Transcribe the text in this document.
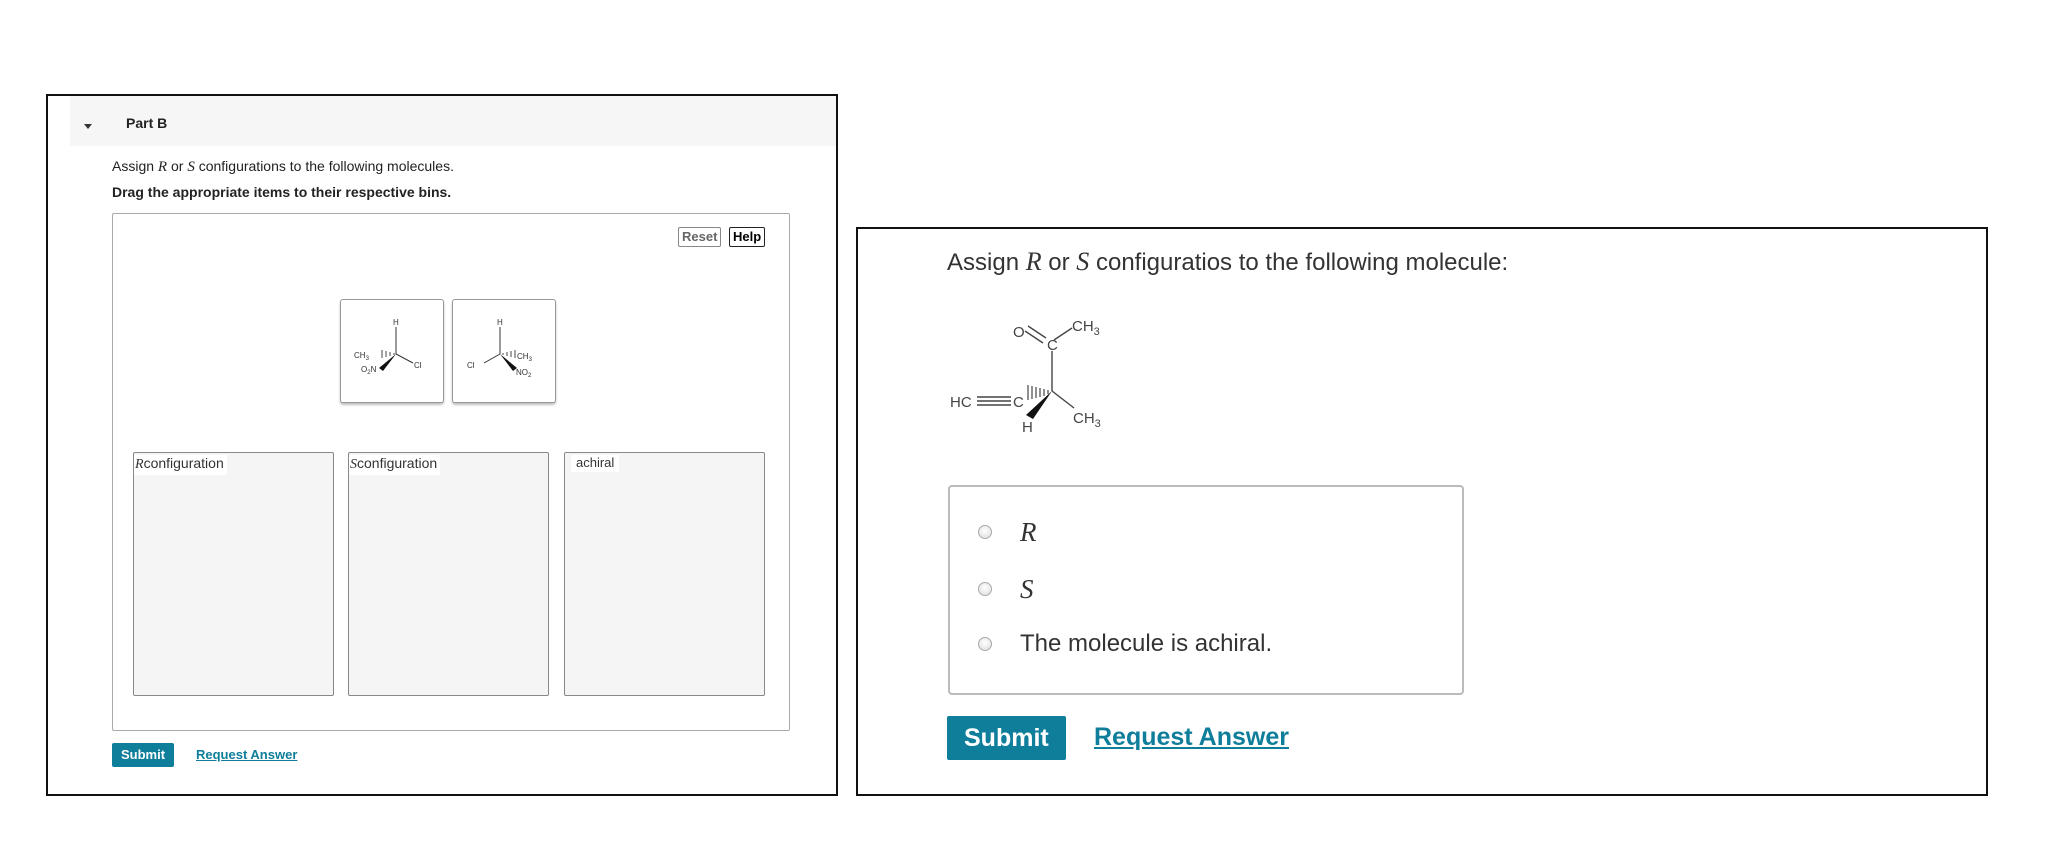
Part B
Assign R or S configurations to the following molecules.
Drag the appropriate items to their respective bins.
Reset	Help
H
$CH_3$
Cl
$O_2N$
H
Cl
$CH_3$
$NO_2$
Rconfiguration	Sconfiguration	achiral
Submit	Request Answer
Assign R or S configuratios to the following molecule:
O
C
$CH_3$
HC	C
H
$CH_3$
R
S
The molecule is achiral.
Submit	Request Answer
